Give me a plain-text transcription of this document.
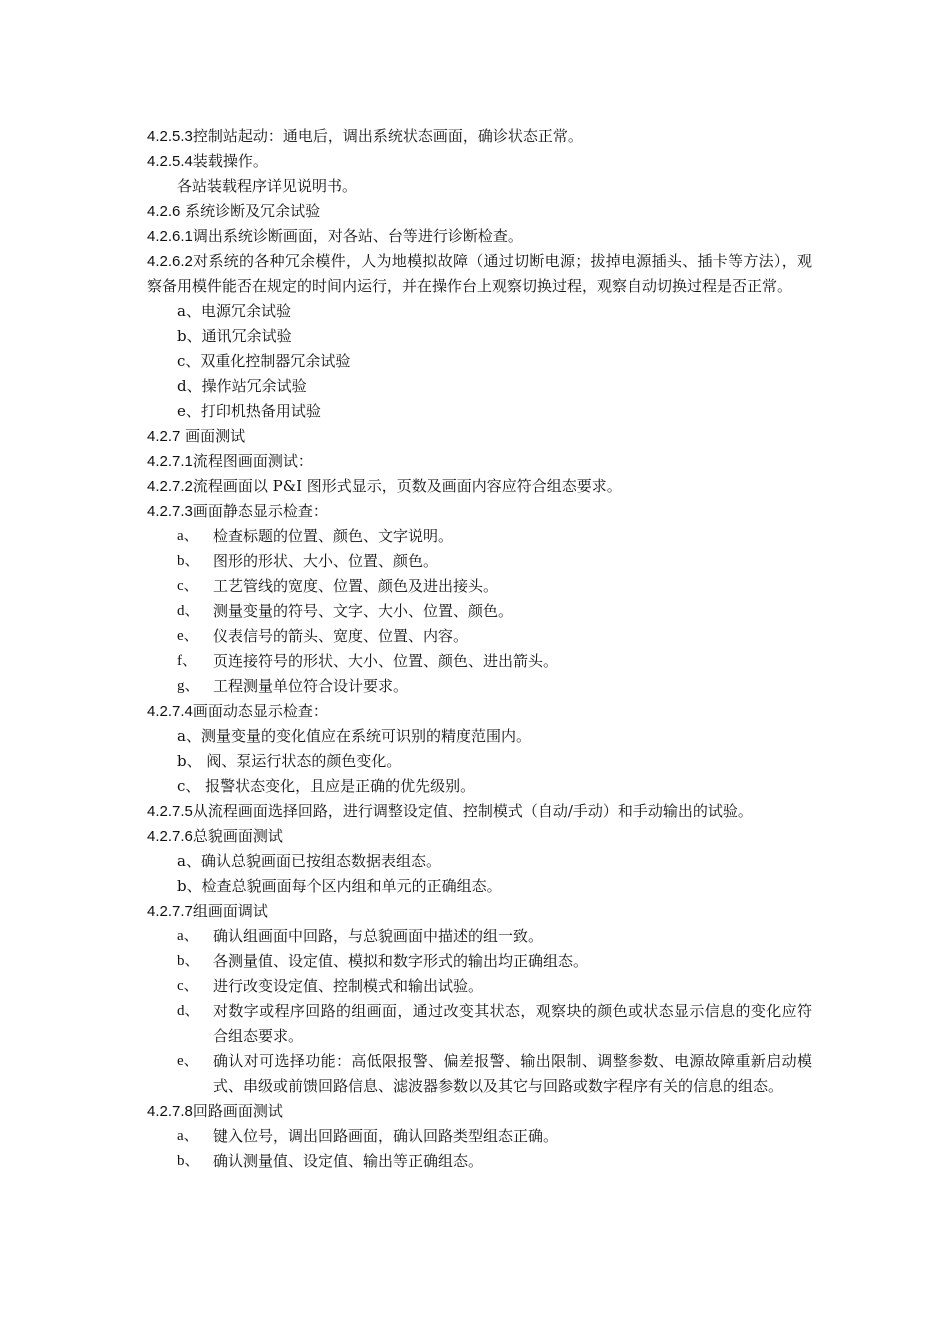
4.2.5.3控制站起动：通电后，调出系统状态画面，确诊状态正常。
4.2.5.4装载操作。
各站装载程序详见说明书。
4.2.6 系统诊断及冗余试验
4.2.6.1调出系统诊断画面，对各站、台等进行诊断检查。
4.2.6.2对系统的各种冗余模件，人为地模拟故障（通过切断电源；拔掉电源插头、插卡等方法），观察备用模件能否在规定的时间内运行，并在操作台上观察切换过程，观察自动切换过程是否正常。
a、电源冗余试验
b、通讯冗余试验
c、双重化控制器冗余试验
d、操作站冗余试验
e、打印机热备用试验
4.2.7 画面测试
4.2.7.1流程图画面测试：
4.2.7.2流程画面以 P&I 图形式显示，页数及画面内容应符合组态要求。
4.2.7.3画面静态显示检查：
a、 检查标题的位置、颜色、文字说明。
b、 图形的形状、大小、位置、颜色。
c、 工艺管线的宽度、位置、颜色及进出接头。
d、 测量变量的符号、文字、大小、位置、颜色。
e、 仪表信号的箭头、宽度、位置、内容。
f、	页连接符号的形状、大小、位置、颜色、进出箭头。
g、 工程测量单位符合设计要求。
4.2.7.4画面动态显示检查：
a、测量变量的变化值应在系统可识别的精度范围内。
b、 阀、泵运行状态的颜色变化。
c、 报警状态变化，且应是正确的优先级别。
4.2.7.5从流程画面选择回路，进行调整设定值、控制模式（自动/手动）和手动输出的试验。
4.2.7.6总貌画面测试
a、确认总貌画面已按组态数据表组态。
b、检查总貌画面每个区内组和单元的正确组态。
4.2.7.7组画面调试
a、 确认组画面中回路，与总貌画面中描述的组一致。
b、 各测量值、设定值、模拟和数字形式的输出均正确组态。
c、 进行改变设定值、控制模式和输出试验。
d、 对数字或程序回路的组画面，通过改变其状态，观察块的颜色或状态显示信息的变化应符合组态要求。
e、 确认对可选择功能：高低限报警、偏差报警、输出限制、调整参数、电源故障重新启动模式、串级或前馈回路信息、滤波器参数以及其它与回路或数字程序有关的信息的组态。
4.2.7.8回路画面测试
a、 键入位号，调出回路画面，确认回路类型组态正确。
b、 确认测量值、设定值、输出等正确组态。
